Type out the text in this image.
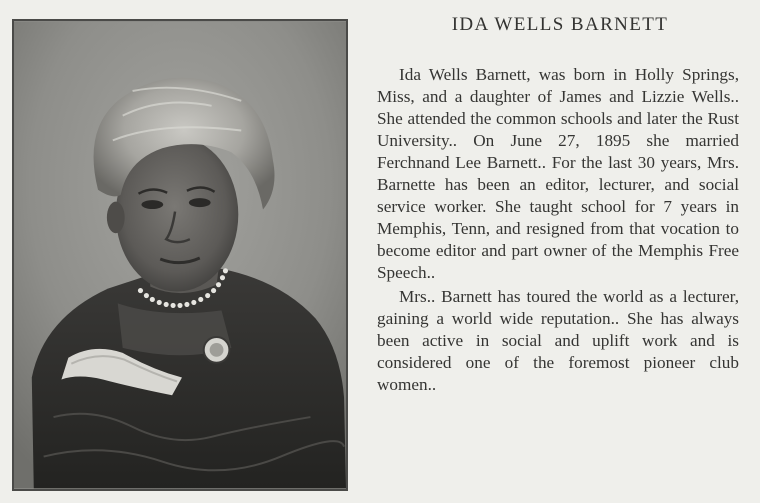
IDA WELLS BARNETT

Ida Wells Barnett, was born in Holly Springs, Miss, and a daughter of James and Lizzie Wells.. She attended the common schools and later the Rust University.. On June 27, 1895 she married Ferchnand Lee Barnett.. For the last 30 years, Mrs. Barnette has been an editor, lecturer, and social service worker. She taught school for 7 years in Memphis, Tenn, and resigned from that vocation to become editor and part owner of the Memphis Free Speech..

Mrs.. Barnett has toured the world as a lecturer, gaining a world wide reputation.. She has always been active in social and uplift work and is considered one of the foremost pioneer club women..
